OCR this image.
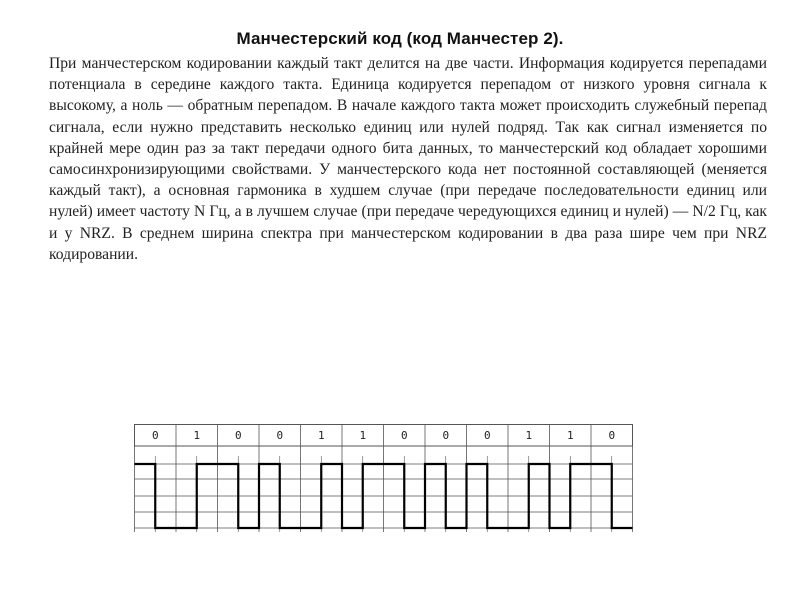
Манчестерский код (код Манчестер 2).
При манчестерском кодировании каждый такт делится на две части. Информация кодируется перепадами потенциала в середине каждого такта. Единица кодируется перепадом от низкого уровня сигнала к высокому, а ноль — обратным перепадом. В начале каждого такта может происходить служебный перепад сигнала, если нужно представить несколько единиц или нулей подряд. Так как сигнал изменяется по крайней мере один раз за такт передачи одного бита данных, то манчестерский код обладает хорошими самосинхронизирующими свойствами. У манчестерского кода нет постоянной составляющей (меняется каждый такт), а основная гармоника в худшем случае (при передаче последовательности единиц или нулей) имеет частоту N Гц, а в лучшем случае (при передаче чередующихся единиц и нулей) — N/2 Гц, как и у NRZ. В среднем ширина спектра при манчестерском кодировании в два раза шире чем при NRZ кодировании.
0	1	0	0	1	1	0	0	0	1	1	0
